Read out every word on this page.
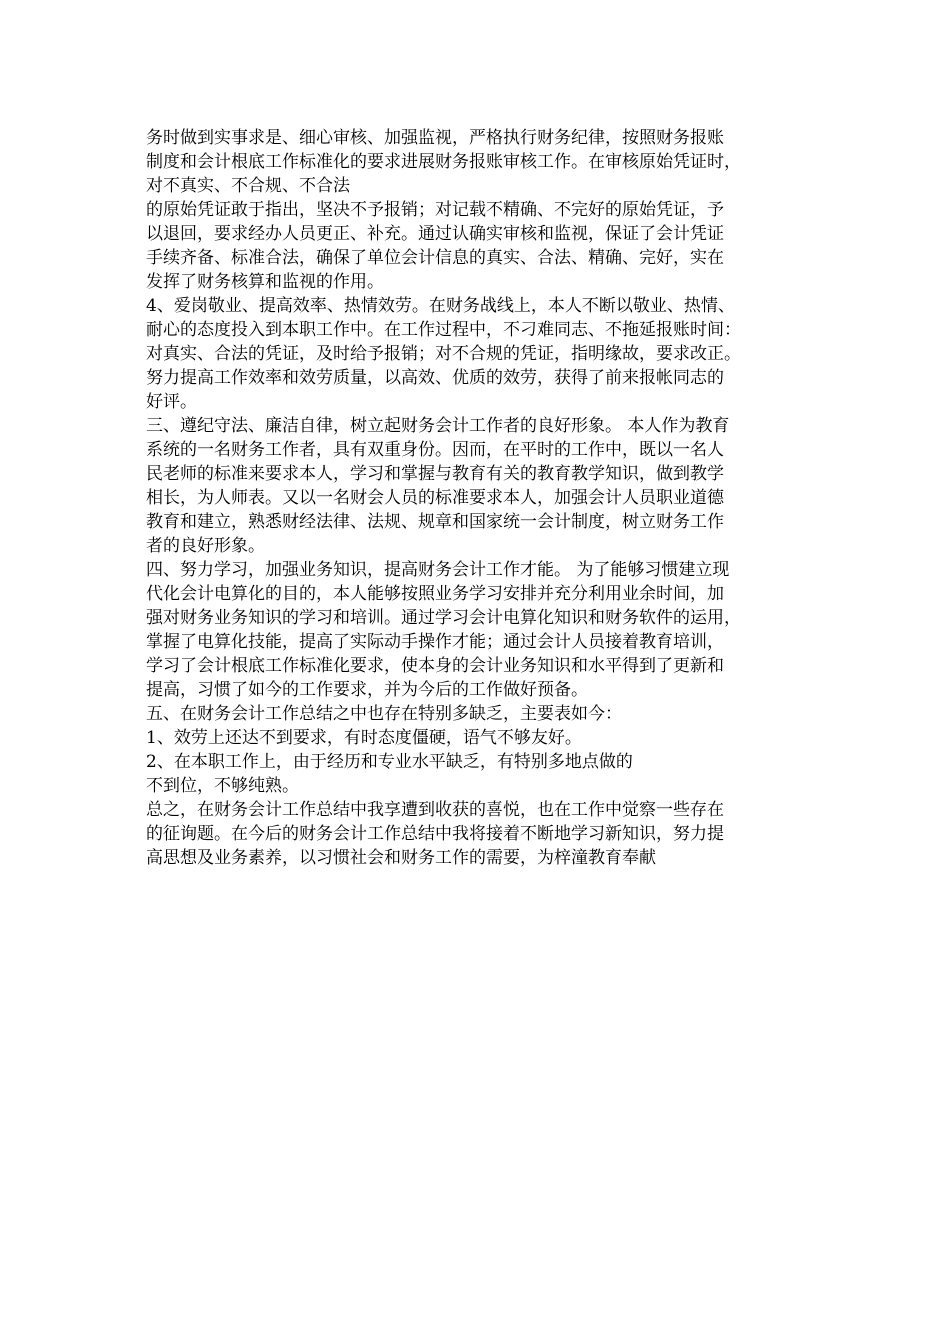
务时做到实事求是、细心审核、加强监视，严格执行财务纪律，按照财务报账
制度和会计根底工作标准化的要求进展财务报账审核工作。在审核原始凭证时，
对不真实、不合规、不合法
的原始凭证敢于指出，坚决不予报销；对记载不精确、不完好的原始凭证，予
以退回，要求经办人员更正、补充。通过认确实审核和监视，保证了会计凭证
手续齐备、标准合法，确保了单位会计信息的真实、合法、精确、完好，实在
发挥了财务核算和监视的作用。
4、爱岗敬业、提高效率、热情效劳。在财务战线上，本人不断以敬业、热情、
耐心的态度投入到本职工作中。在工作过程中，不刁难同志、不拖延报账时间：
对真实、合法的凭证，及时给予报销；对不合规的凭证，指明缘故，要求改正。
努力提高工作效率和效劳质量，以高效、优质的效劳，获得了前来报帐同志的
好评。
三、遵纪守法、廉洁自律，树立起财务会计工作者的良好形象。 本人作为教育
系统的一名财务工作者，具有双重身份。因而，在平时的工作中，既以一名人
民老师的标准来要求本人，学习和掌握与教育有关的教育教学知识，做到教学
相长，为人师表。又以一名财会人员的标准要求本人，加强会计人员职业道德
教育和建立，熟悉财经法律、法规、规章和国家统一会计制度，树立财务工作
者的良好形象。
四、努力学习，加强业务知识，提高财务会计工作才能。 为了能够习惯建立现
代化会计电算化的目的，本人能够按照业务学习安排并充分利用业余时间，加
强对财务业务知识的学习和培训。通过学习会计电算化知识和财务软件的运用，
掌握了电算化技能，提高了实际动手操作才能；通过会计人员接着教育培训，
学习了会计根底工作标准化要求，使本身的会计业务知识和水平得到了更新和
提高，习惯了如今的工作要求，并为今后的工作做好预备。
五、在财务会计工作总结之中也存在特别多缺乏，主要表如今：
1、效劳上还达不到要求，有时态度僵硬，语气不够友好。
2、在本职工作上，由于经历和专业水平缺乏，有特别多地点做的
不到位，不够纯熟。
总之，在财务会计工作总结中我享遭到收获的喜悦，也在工作中觉察一些存在
的征询题。在今后的财务会计工作总结中我将接着不断地学习新知识，努力提
高思想及业务素养，以习惯社会和财务工作的需要，为梓潼教育奉献
